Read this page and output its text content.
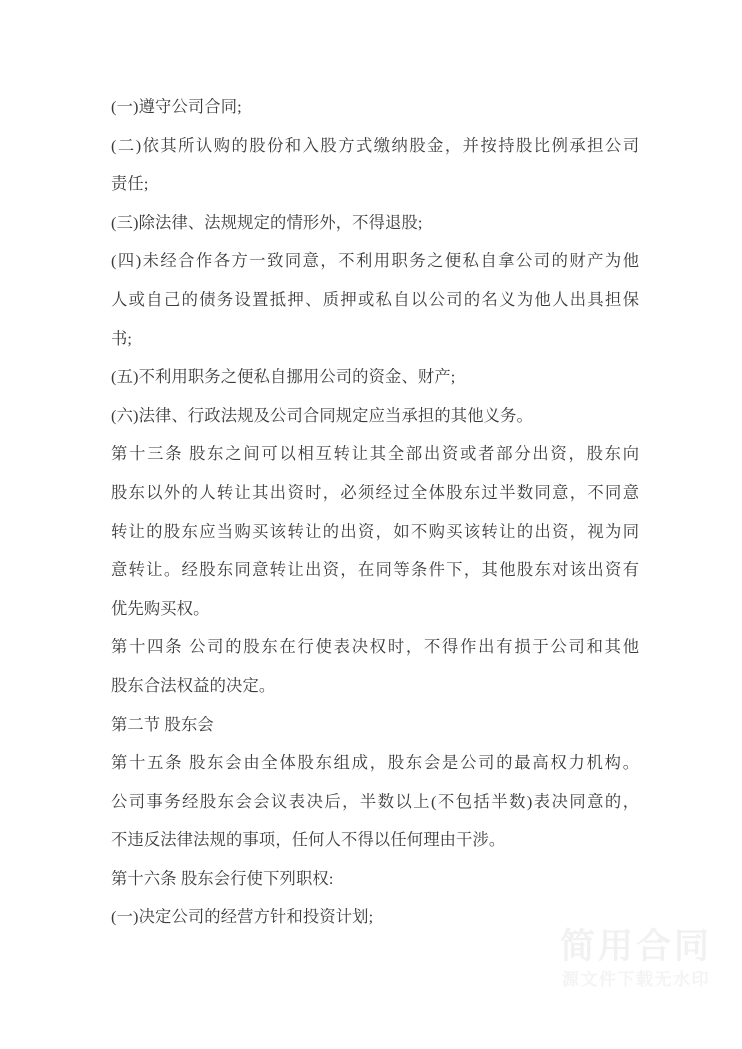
(一)遵守公司合同;
(二)依其所认购的股份和入股方式缴纳股金，并按持股比例承担公司
责任;
(三)除法律、法规规定的情形外，不得退股;
(四)未经合作各方一致同意，不利用职务之便私自拿公司的财产为他
人或自己的债务设置抵押、质押或私自以公司的名义为他人出具担保
书;
(五)不利用职务之便私自挪用公司的资金、财产;
(六)法律、行政法规及公司合同规定应当承担的其他义务。
第十三条 股东之间可以相互转让其全部出资或者部分出资，股东向
股东以外的人转让其出资时，必须经过全体股东过半数同意，不同意
转让的股东应当购买该转让的出资，如不购买该转让的出资，视为同
意转让。经股东同意转让出资，在同等条件下，其他股东对该出资有
优先购买权。
第十四条 公司的股东在行使表决权时，不得作出有损于公司和其他
股东合法权益的决定。
第二节 股东会
第十五条 股东会由全体股东组成，股东会是公司的最高权力机构。
公司事务经股东会会议表决后，半数以上(不包括半数)表决同意的，
不违反法律法规的事项，任何人不得以任何理由干涉。
第十六条 股东会行使下列职权:
(一)决定公司的经营方针和投资计划;
简用合同
源文件下载无水印
